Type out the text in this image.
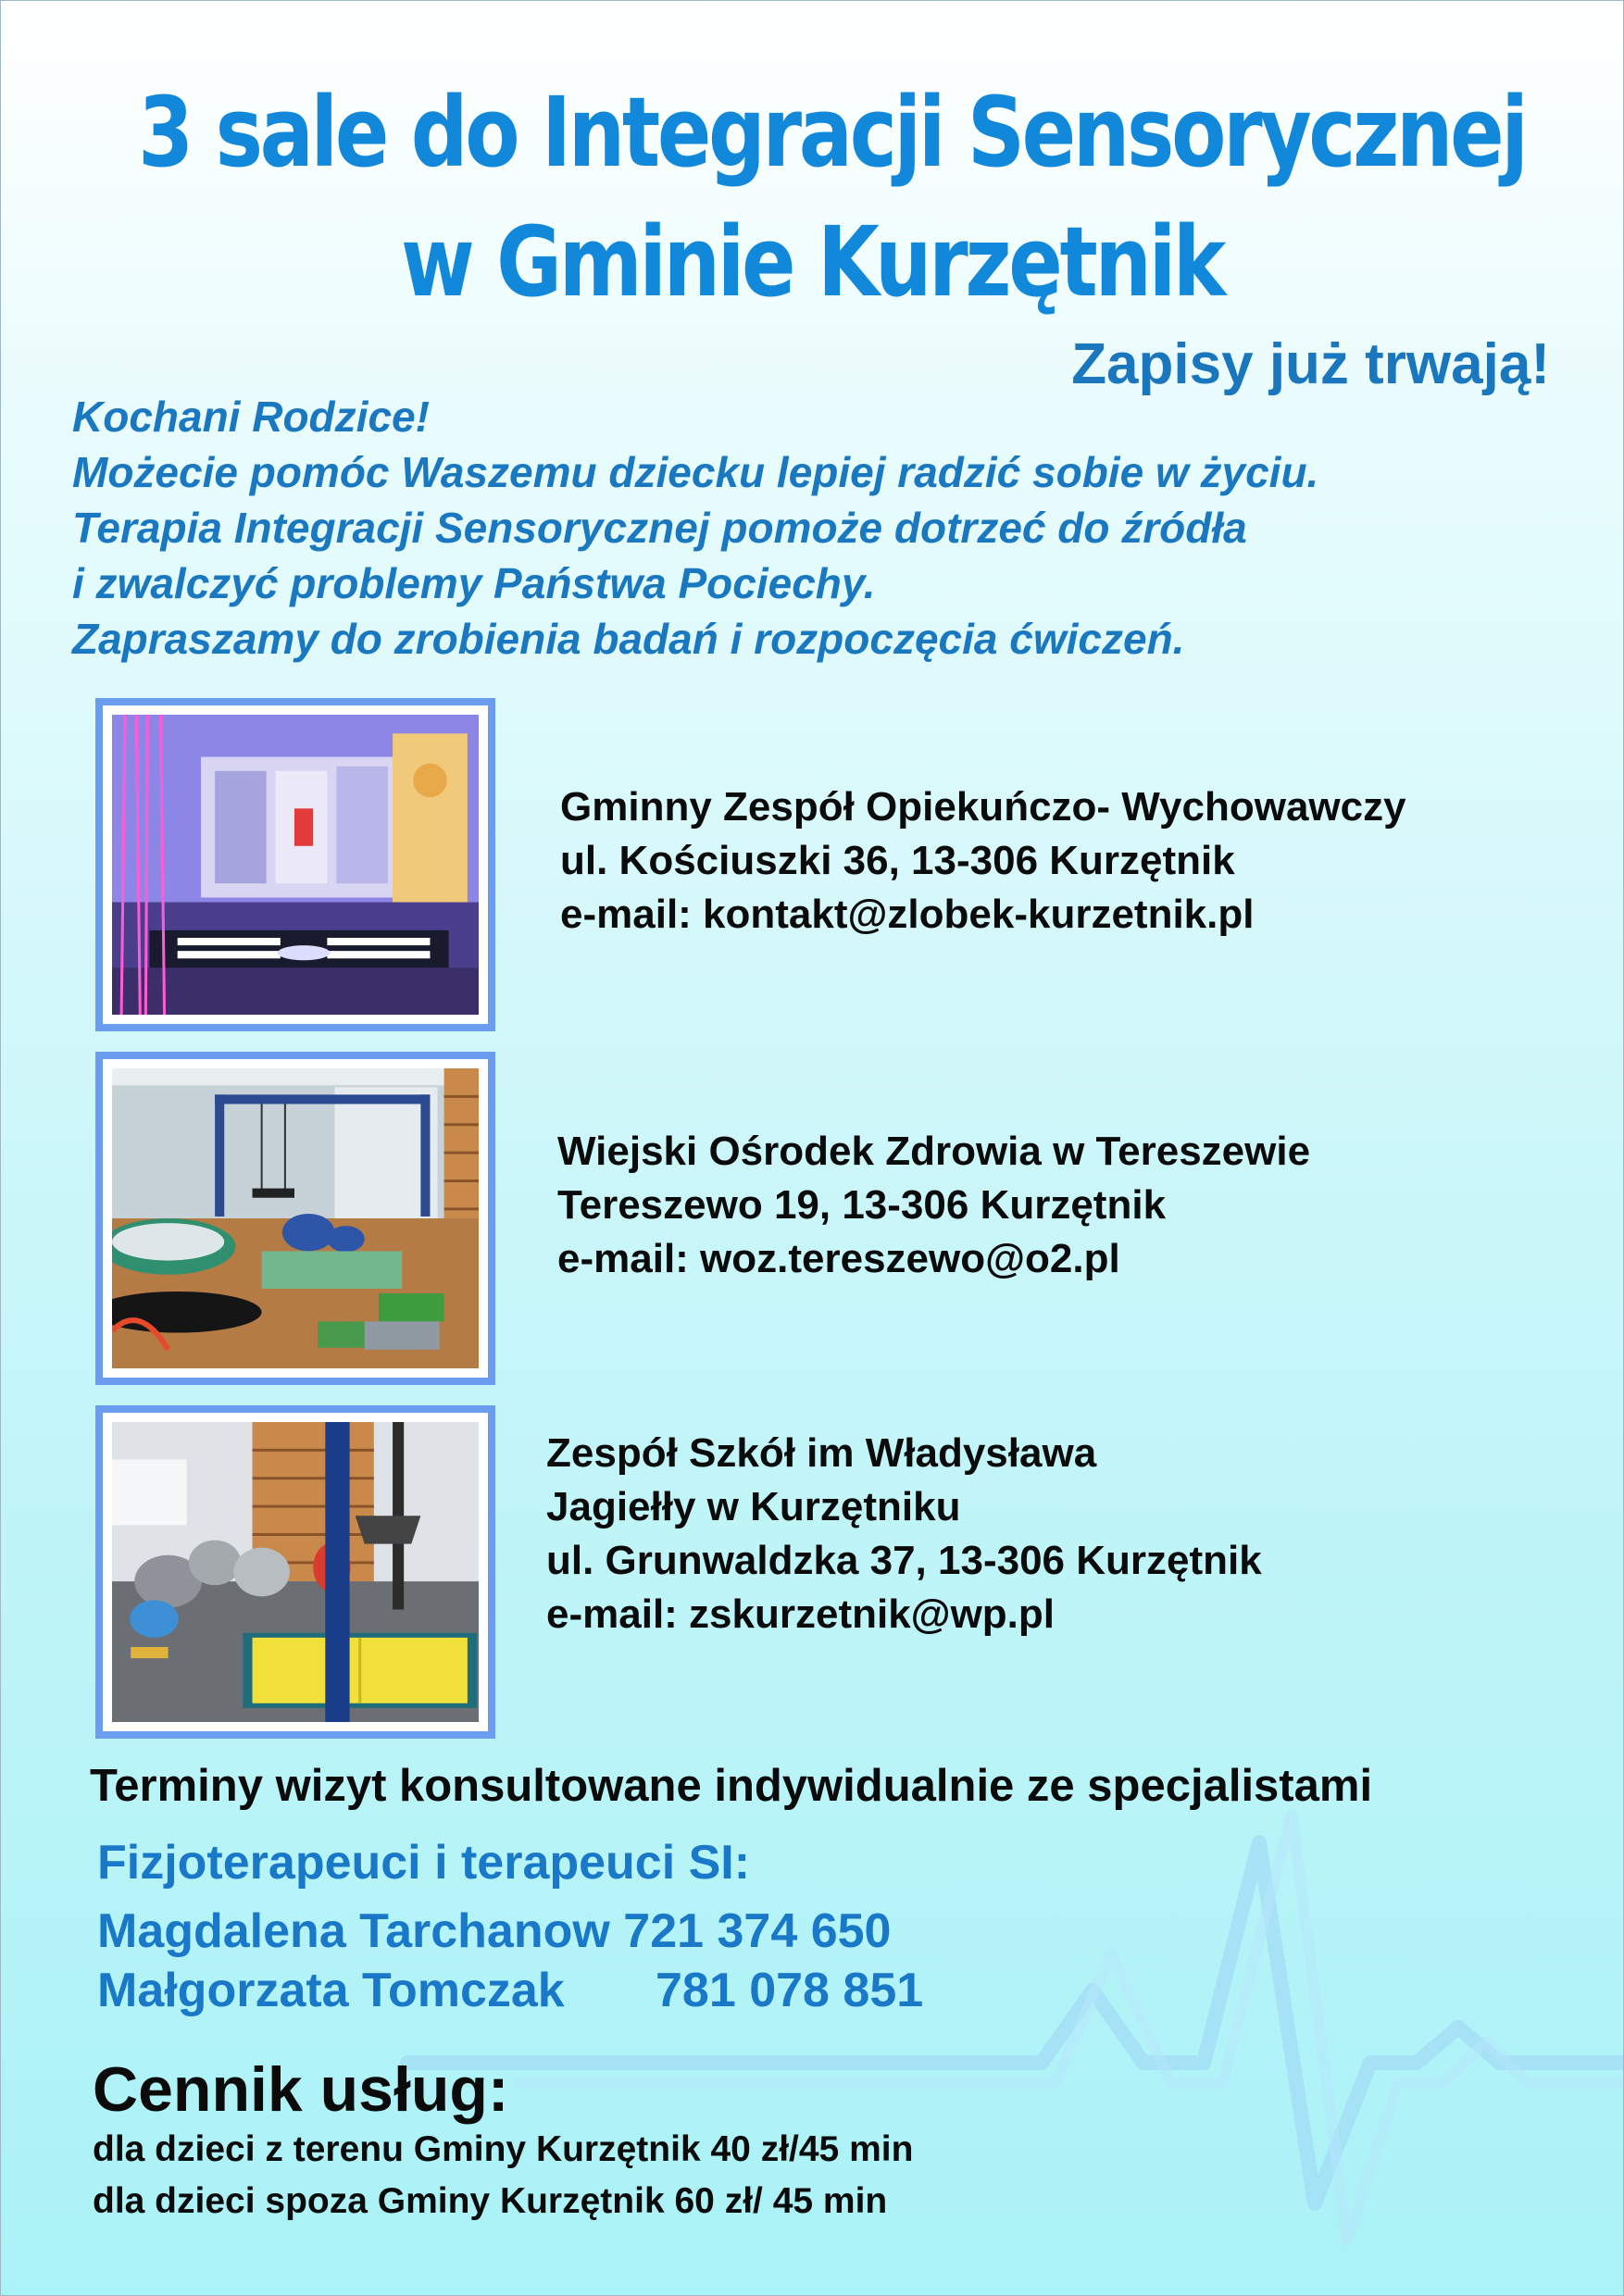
3 sale do Integracji Sensorycznej
w Gminie Kurzętnik

Zapisy już trwają!

Kochani Rodzice!
Możecie pomóc Waszemu dziecku lepiej radzić sobie w życiu.
Terapia Integracji Sensorycznej pomoże dotrzeć do źródła
i zwalczyć problemy Państwa Pociechy.
Zapraszamy do zrobienia badań i rozpoczęcia ćwiczeń.
Gminny Zespół Opiekuńczo- Wychowawczy
ul. Kościuszki 36, 13-306 Kurzętnik
e-mail: kontakt@zlobek-kurzetnik.pl
Wiejski Ośrodek Zdrowia w Tereszewie
Tereszewo 19, 13-306 Kurzętnik
e-mail: woz.tereszewo@o2.pl
Zespół Szkół im Władysława
Jagiełły w Kurzętniku
ul. Grunwaldzka 37, 13-306 Kurzętnik
e-mail: zskurzetnik@wp.pl

Terminy wizyt konsultowane indywidualnie ze specjalistami

Fizjoterapeuci i terapeuci SI:

Magdalena Tarchanow 721 374 650
Małgorzata Tomczak 781 078 851

Cennik usług:

dla dzieci z terenu Gminy Kurzętnik 40 zł/45 min

dla dzieci spoza Gminy Kurzętnik 60 zł/ 45 min
